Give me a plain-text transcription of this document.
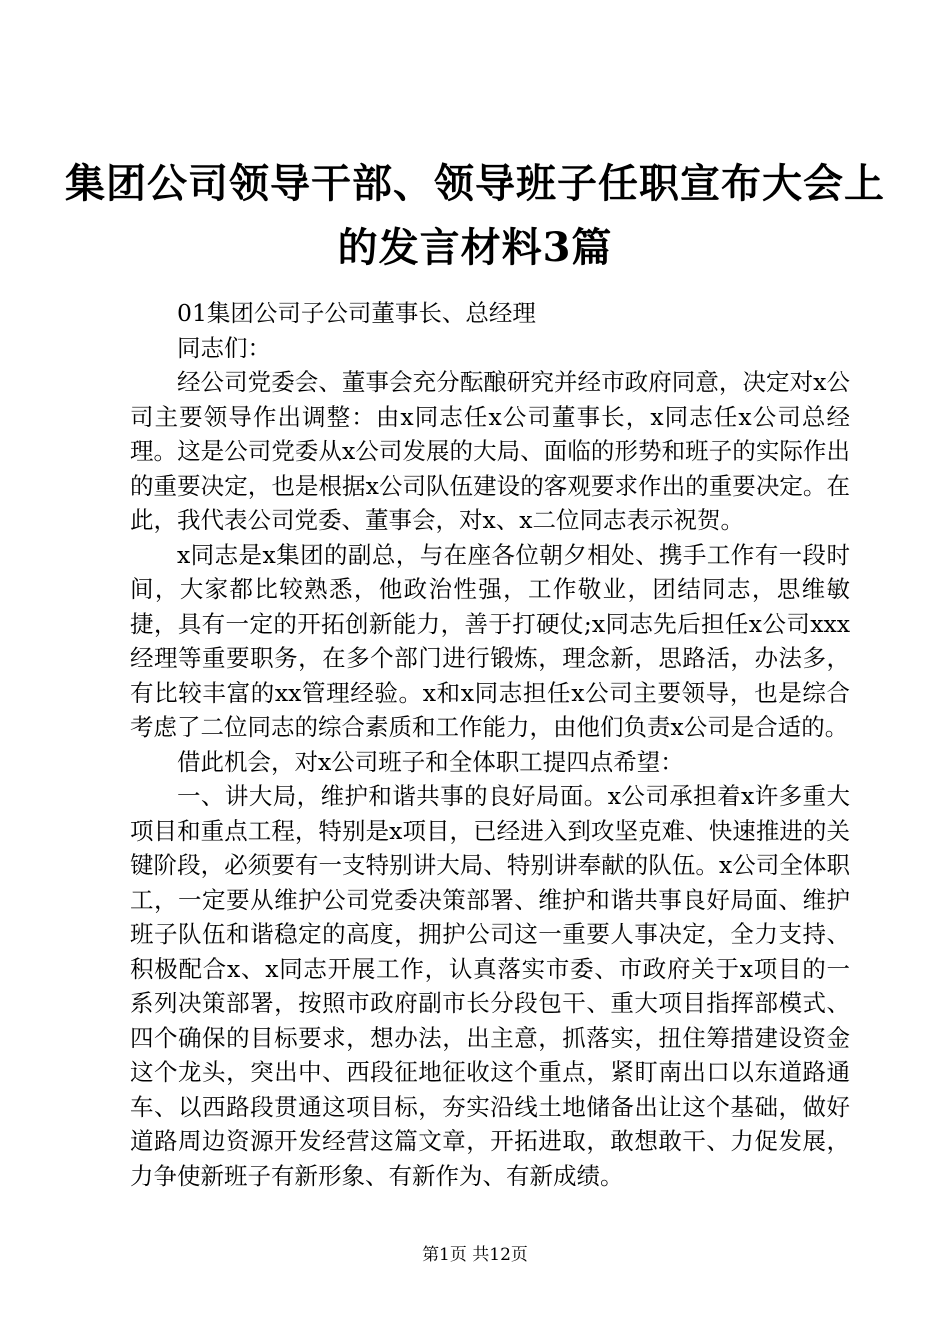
集团公司领导干部、领导班子任职宣布大会上的发言材料3篇

01集团公司子公司董事长、总经理

同志们：

经公司党委会、董事会充分酝酿研究并经市政府同意，决定对x公司主要领导作出调整：由x同志任x公司董事长，x同志任x公司总经理。这是公司党委从x公司发展的大局、面临的形势和班子的实际作出的重要决定，也是根据x公司队伍建设的客观要求作出的重要决定。在此，我代表公司党委、董事会，对x、x二位同志表示祝贺。

x同志是x集团的副总，与在座各位朝夕相处、携手工作有一段时间，大家都比较熟悉，他政治性强，工作敬业，团结同志，思维敏捷，具有一定的开拓创新能力，善于打硬仗;x同志先后担任x公司xxx经理等重要职务，在多个部门进行锻炼，理念新，思路活，办法多，有比较丰富的xx管理经验。x和x同志担任x公司主要领导，也是综合考虑了二位同志的综合素质和工作能力，由他们负责x公司是合适的。

借此机会，对x公司班子和全体职工提四点希望：

一、讲大局，维护和谐共事的良好局面。x公司承担着x许多重大项目和重点工程，特别是x项目，已经进入到攻坚克难、快速推进的关键阶段，必须要有一支特别讲大局、特别讲奉献的队伍。x公司全体职工，一定要从维护公司党委决策部署、维护和谐共事良好局面、维护班子队伍和谐稳定的高度，拥护公司这一重要人事决定，全力支持、积极配合x、x同志开展工作，认真落实市委、市政府关于x项目的一系列决策部署，按照市政府副市长分段包干、重大项目指挥部模式、四个确保的目标要求，想办法，出主意，抓落实，扭住筹措建设资金这个龙头，突出中、西段征地征收这个重点，紧盯南出口以东道路通车、以西路段贯通这项目标，夯实沿线土地储备出让这个基础，做好道路周边资源开发经营这篇文章，开拓进取，敢想敢干、力促发展，力争使新班子有新形象、有新作为、有新成绩。

第1页 共12页
